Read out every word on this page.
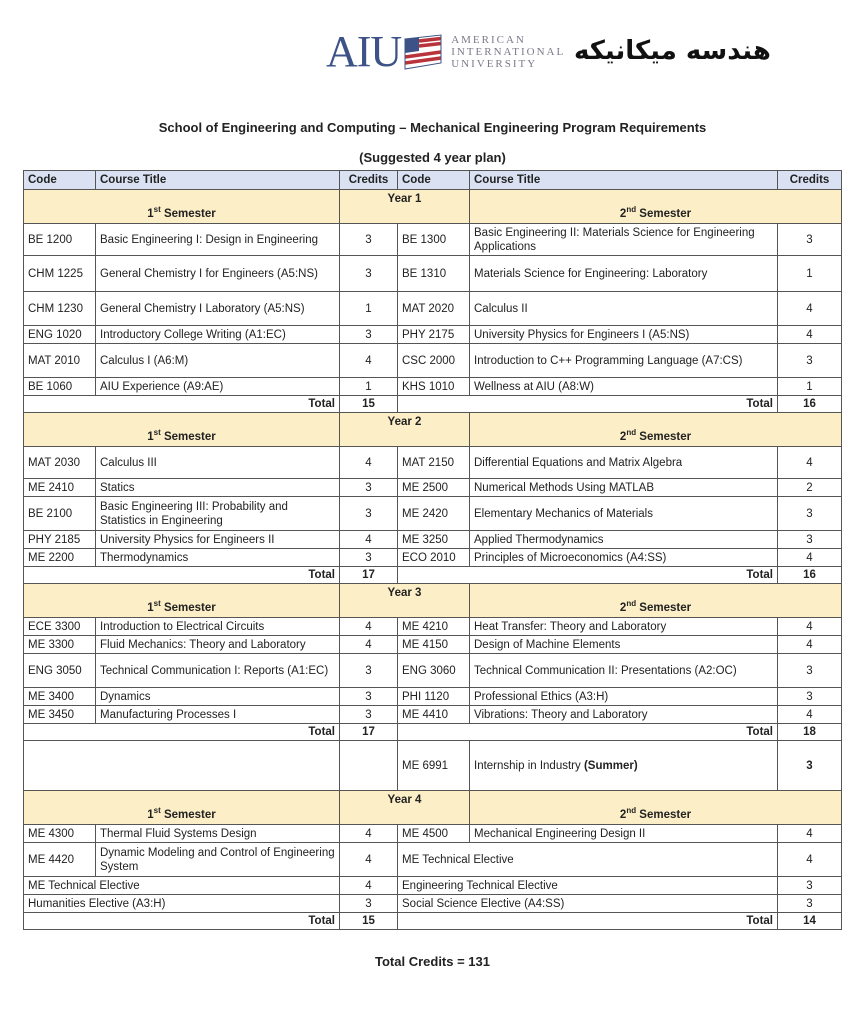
AIU	AMERICAN
INTERNATIONAL
UNIVERSITY	هندسه میکانیکه
School of Engineering and Computing – Mechanical Engineering Program Requirements
(Suggested 4 year plan)
Code	Course Title	Credits	Code	Course Title	Credits
1st Semester		Year 1		2nd Semester	
BE 1200	Basic Engineering I: Design in Engineering	3	BE 1300	Basic Engineering II: Materials Science for Engineering Applications	3
CHM 1225	General Chemistry I for Engineers (A5:NS)	3	BE 1310	Materials Science for Engineering: Laboratory	1
CHM 1230	General Chemistry I Laboratory (A5:NS)	1	MAT 2020	Calculus II	4
ENG 1020	Introductory College Writing (A1:EC)	3	PHY 2175	University Physics for Engineers I (A5:NS)	4
MAT 2010	Calculus I (A6:M)	4	CSC 2000	Introduction to C++ Programming Language (A7:CS)	3
BE 1060	AIU Experience (A9:AE)	1	KHS 1010	Wellness at AIU (A8:W)	1
Total		15	Total		16
1st Semester		Year 2		2nd Semester	
MAT 2030	Calculus III	4	MAT 2150	Differential Equations and Matrix Algebra	4
ME 2410	Statics	3	ME 2500	Numerical Methods Using MATLAB	2
BE 2100	Basic Engineering III: Probability and Statistics in Engineering	3	ME 2420	Elementary Mechanics of Materials	3
PHY 2185	University Physics for Engineers II	4	ME 3250	Applied Thermodynamics	3
ME 2200	Thermodynamics	3	ECO 2010	Principles of Microeconomics (A4:SS)	4
Total		17	Total		16
1st Semester		Year 3		2nd Semester	
ECE 3300	Introduction to Electrical Circuits	4	ME 4210	Heat Transfer: Theory and Laboratory	4
ME 3300	Fluid Mechanics: Theory and Laboratory	4	ME 4150	Design of Machine Elements	4
ENG 3050	Technical Communication I: Reports (A1:EC)	3	ENG 3060	Technical Communication II: Presentations (A2:OC)	3
ME 3400	Dynamics	3	PHI 1120	Professional Ethics (A3:H)	3
ME 3450	Manufacturing Processes I	3	ME 4410	Vibrations: Theory and Laboratory	4
Total		17	Total		18
			ME 6991	Internship in Industry (Summer)	3
1st Semester		Year 4		2nd Semester	
ME 4300	Thermal Fluid Systems Design	4	ME 4500	Mechanical Engineering Design II	4
ME 4420	Dynamic Modeling and Control of Engineering System	4	ME Technical Elective		4
ME Technical Elective		4	Engineering Technical Elective		3
Humanities Elective (A3:H)		3	Social Science Elective (A4:SS)		3
Total		15	Total		14
Total Credits = 131
